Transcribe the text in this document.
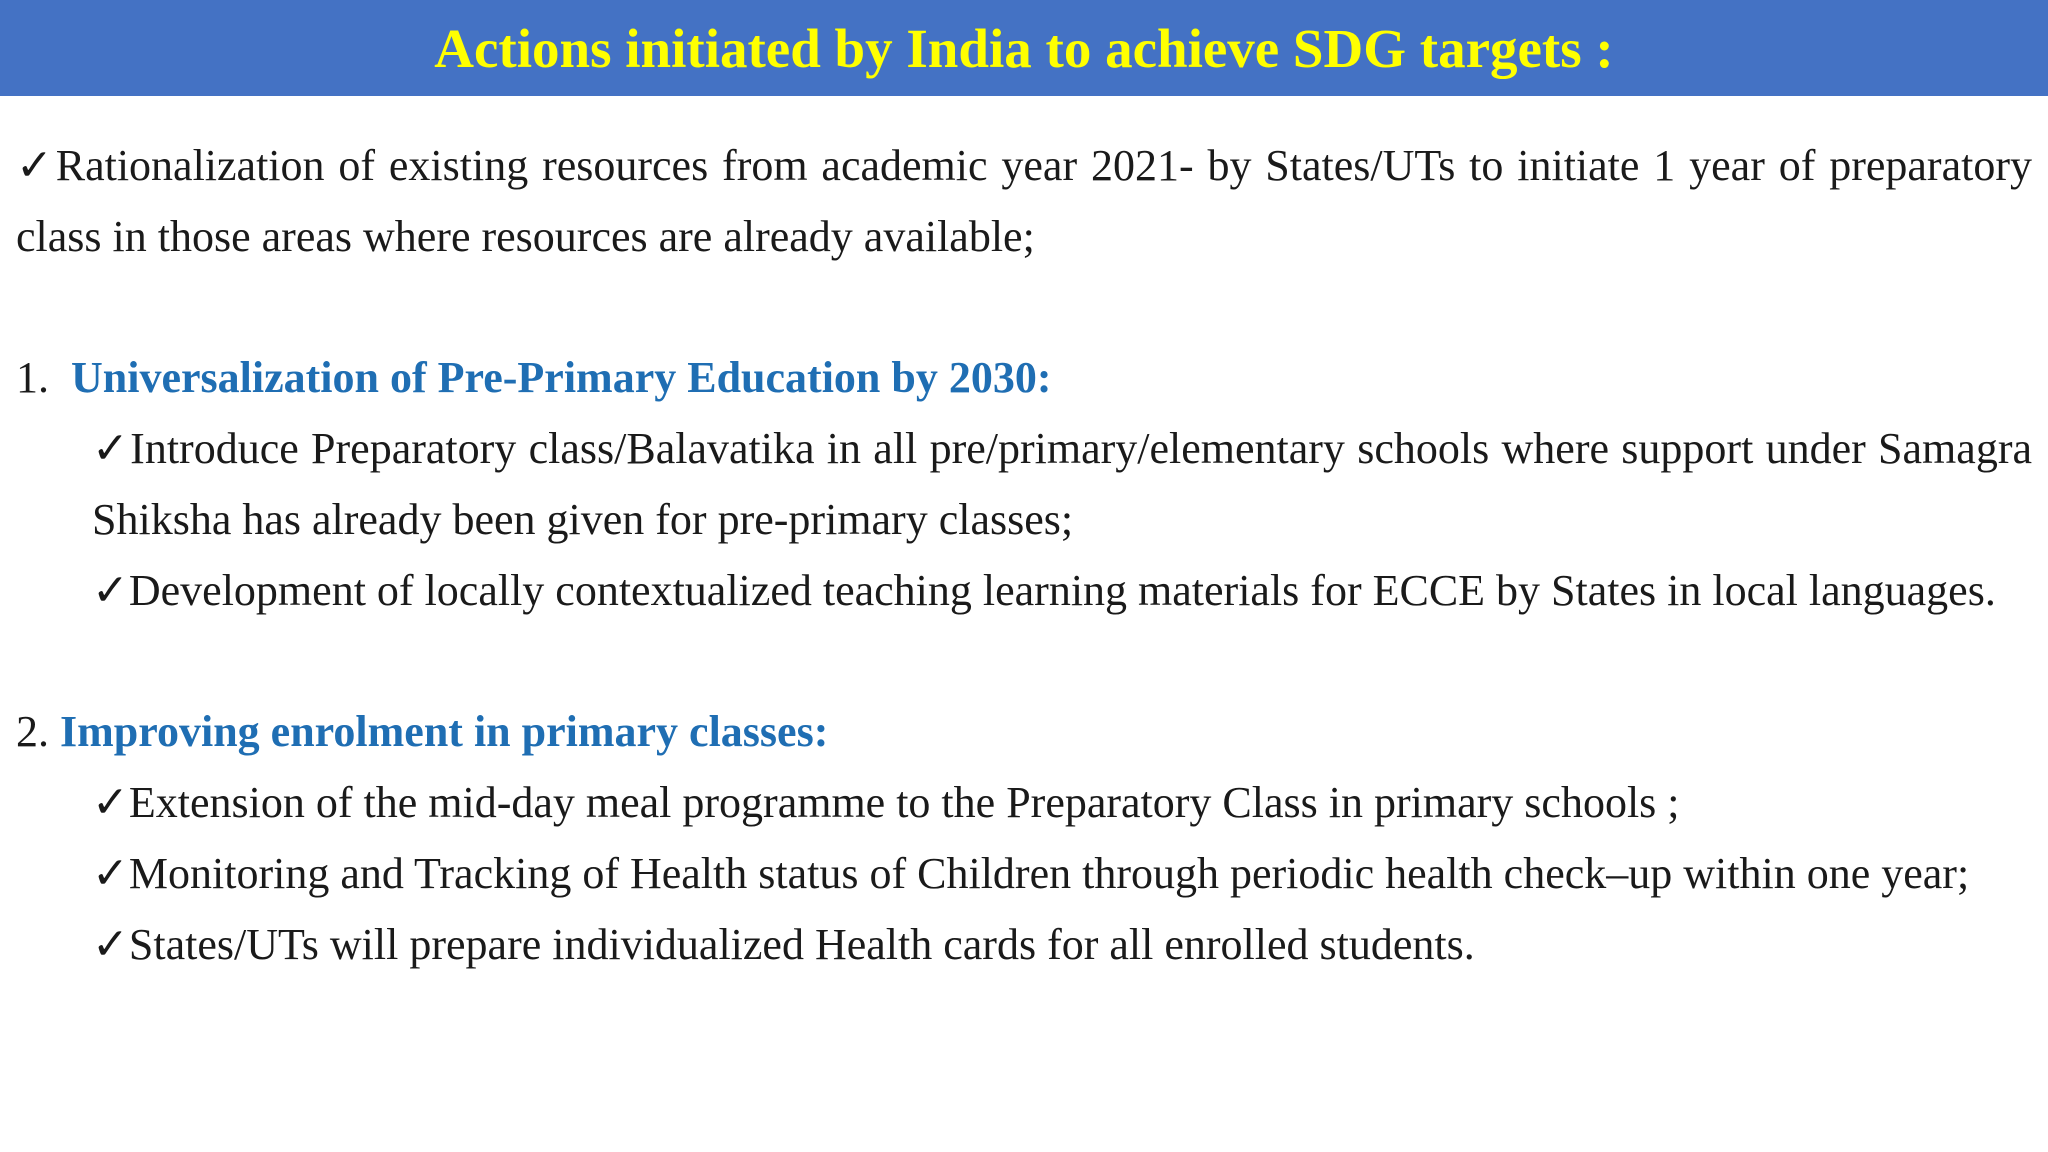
Actions initiated by India to achieve SDG targets :

✓Rationalization of existing resources from academic year 2021- by States/UTs to initiate 1 year of preparatory class in those areas where resources are already available;

1. Universalization of Pre-Primary Education by 2030:

✓Introduce Preparatory class/Balavatika in all pre/primary/elementary schools where support under Samagra Shiksha has already been given for pre-primary classes;

✓Development of locally contextualized teaching learning materials for ECCE by States in local languages.

2. Improving enrolment in primary classes:

✓Extension of the mid-day meal programme to the Preparatory Class in primary schools ;

✓Monitoring and Tracking of Health status of Children through periodic health check–up within one year;

✓States/UTs will prepare individualized Health cards for all enrolled students.
